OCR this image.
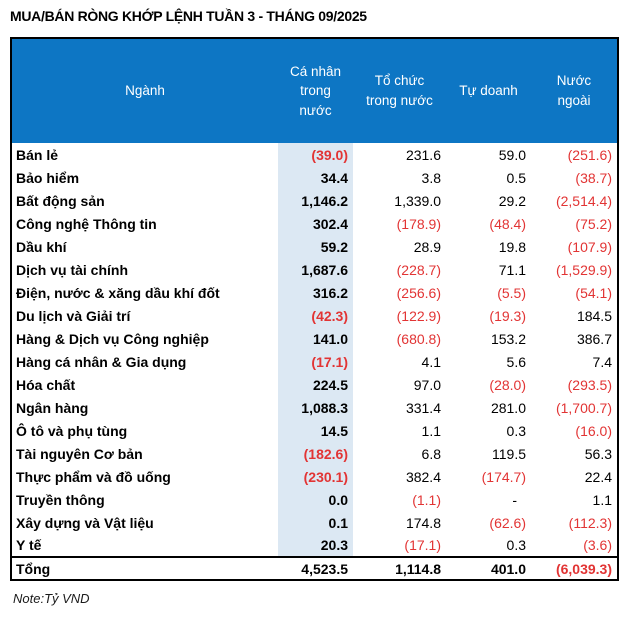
MUA/BÁN RÒNG KHỚP LỆNH TUẦN 3 - THÁNG 09/2025
Ngành	Cá nhân trong nước	Tổ chức trong nước	Tự doanh	Nước ngoài
Bán lẻ	(39.0)	231.6	59.0	(251.6)
Bảo hiểm	34.4	3.8	0.5	(38.7)
Bất động sản	1,146.2	1,339.0	29.2	(2,514.4)
Công nghệ Thông tin	302.4	(178.9)	(48.4)	(75.2)
Dầu khí	59.2	28.9	19.8	(107.9)
Dịch vụ tài chính	1,687.6	(228.7)	71.1	(1,529.9)
Điện, nước & xăng dầu khí đốt	316.2	(256.6)	(5.5)	(54.1)
Du lịch và Giải trí	(42.3)	(122.9)	(19.3)	184.5
Hàng & Dịch vụ Công nghiệp	141.0	(680.8)	153.2	386.7
Hàng cá nhân & Gia dụng	(17.1)	4.1	5.6	7.4
Hóa chất	224.5	97.0	(28.0)	(293.5)
Ngân hàng	1,088.3	331.4	281.0	(1,700.7)
Ô tô và phụ tùng	14.5	1.1	0.3	(16.0)
Tài nguyên Cơ bản	(182.6)	6.8	119.5	56.3
Thực phẩm và đồ uống	(230.1)	382.4	(174.7)	22.4
Truyền thông	0.0	(1.1)	-	1.1
Xây dựng và Vật liệu	0.1	174.8	(62.6)	(112.3)
Y tế	20.3	(17.1)	0.3	(3.6)
Tổng	4,523.5	1,114.8	401.0	(6,039.3)
Note:Tỷ VND
